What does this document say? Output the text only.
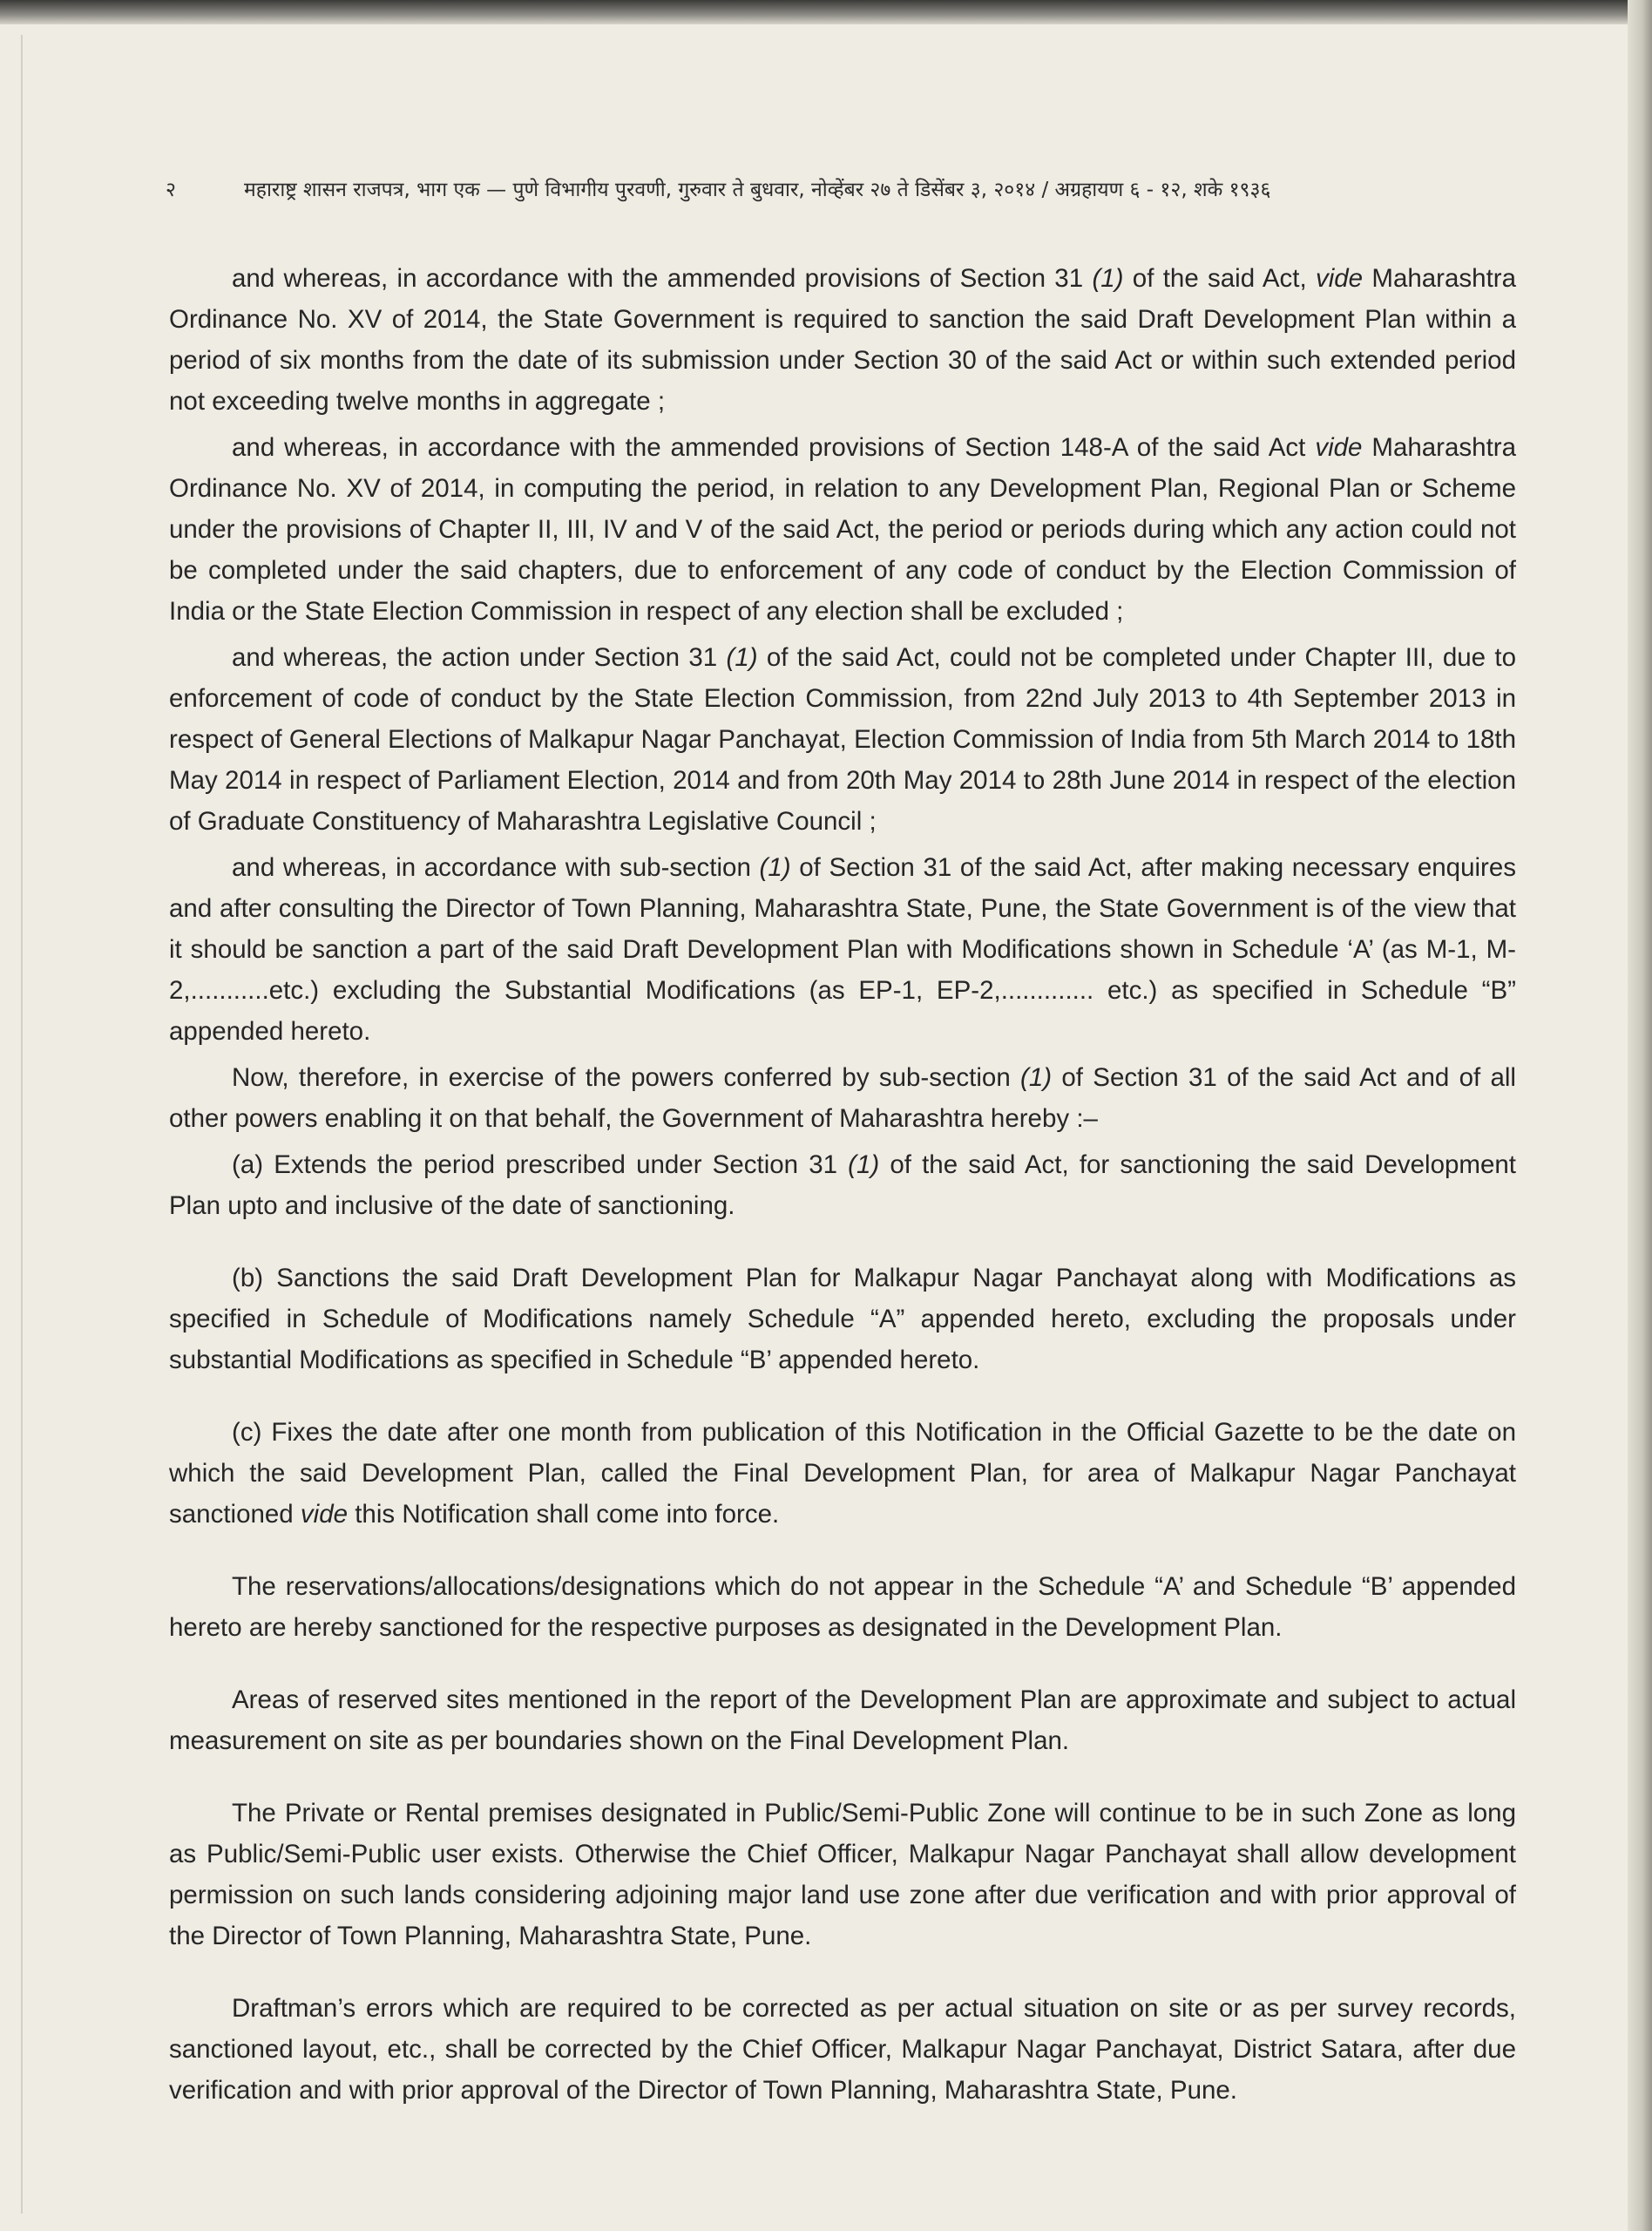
२	महाराष्ट्र शासन राजपत्र, भाग एक — पुणे विभागीय पुरवणी, गुरुवार ते बुधवार, नोव्हेंबर २७ ते डिसेंबर ३, २०१४ / अग्रहायण ६ - १२, शके १९३६

and whereas, in accordance with the ammended provisions of Section 31 (1) of the said Act, vide Maharashtra Ordinance No. XV of 2014, the State Government is required to sanction the said Draft Development Plan within a period of six months from the date of its submission under Section 30 of the said Act or within such extended period not exceeding twelve months in aggregate ;

and whereas, in accordance with the ammended provisions of Section 148-A of the said Act vide Maharashtra Ordinance No. XV of 2014, in computing the period, in relation to any Development Plan, Regional Plan or Scheme under the provisions of Chapter II, III, IV and V of the said Act, the period or periods during which any action could not be completed under the said chapters, due to enforcement of any code of conduct by the Election Commission of India or the State Election Commission in respect of any election shall be excluded ;

and whereas, the action under Section 31 (1) of the said Act, could not be completed under Chapter III, due to enforcement of code of conduct by the State Election Commission, from 22nd July 2013 to 4th September 2013 in respect of General Elections of Malkapur Nagar Panchayat, Election Commission of India from 5th March 2014 to 18th May 2014 in respect of Parliament Election, 2014 and from 20th May 2014 to 28th June 2014 in respect of the election of Graduate Constituency of Maharashtra Legislative Council ;

and whereas, in accordance with sub-section (1) of Section 31 of the said Act, after making necessary enquires and after consulting the Director of Town Planning, Maharashtra State, Pune, the State Government is of the view that it should be sanction a part of the said Draft Development Plan with Modifications shown in Schedule ‘A’ (as M-1, M-2,...........etc.) excluding the Substantial Modifications (as EP-1, EP-2,............. etc.) as specified in Schedule “B” appended hereto.

Now, therefore, in exercise of the powers conferred by sub-section (1) of Section 31 of the said Act and of all other powers enabling it on that behalf, the Government of Maharashtra hereby :–

(a) Extends the period prescribed under Section 31 (1) of the said Act, for sanctioning the said Development Plan upto and inclusive of the date of sanctioning.

(b) Sanctions the said Draft Development Plan for Malkapur Nagar Panchayat along with Modifications as specified in Schedule of Modifications namely Schedule “A” appended hereto, excluding the proposals under substantial Modifications as specified in Schedule “B’ appended hereto.

(c) Fixes the date after one month from publication of this Notification in the Official Gazette to be the date on which the said Development Plan, called the Final Development Plan, for area of Malkapur Nagar Panchayat sanctioned vide this Notification shall come into force.

The reservations/allocations/designations which do not appear in the Schedule “A’ and Schedule “B’ appended hereto are hereby sanctioned for the respective purposes as designated in the Development Plan.

Areas of reserved sites mentioned in the report of the Development Plan are approximate and subject to actual measurement on site as per boundaries shown on the Final Development Plan.

The Private or Rental premises designated in Public/Semi-Public Zone will continue to be in such Zone as long as Public/Semi-Public user exists. Otherwise the Chief Officer, Malkapur Nagar Panchayat shall allow development permission on such lands considering adjoining major land use zone after due verification and with prior approval of the Director of Town Planning, Maharashtra State, Pune.

Draftman’s errors which are required to be corrected as per actual situation on site or as per survey records, sanctioned layout, etc., shall be corrected by the Chief Officer, Malkapur Nagar Panchayat, District Satara, after due verification and with prior approval of the Director of Town Planning, Maharashtra State, Pune.
